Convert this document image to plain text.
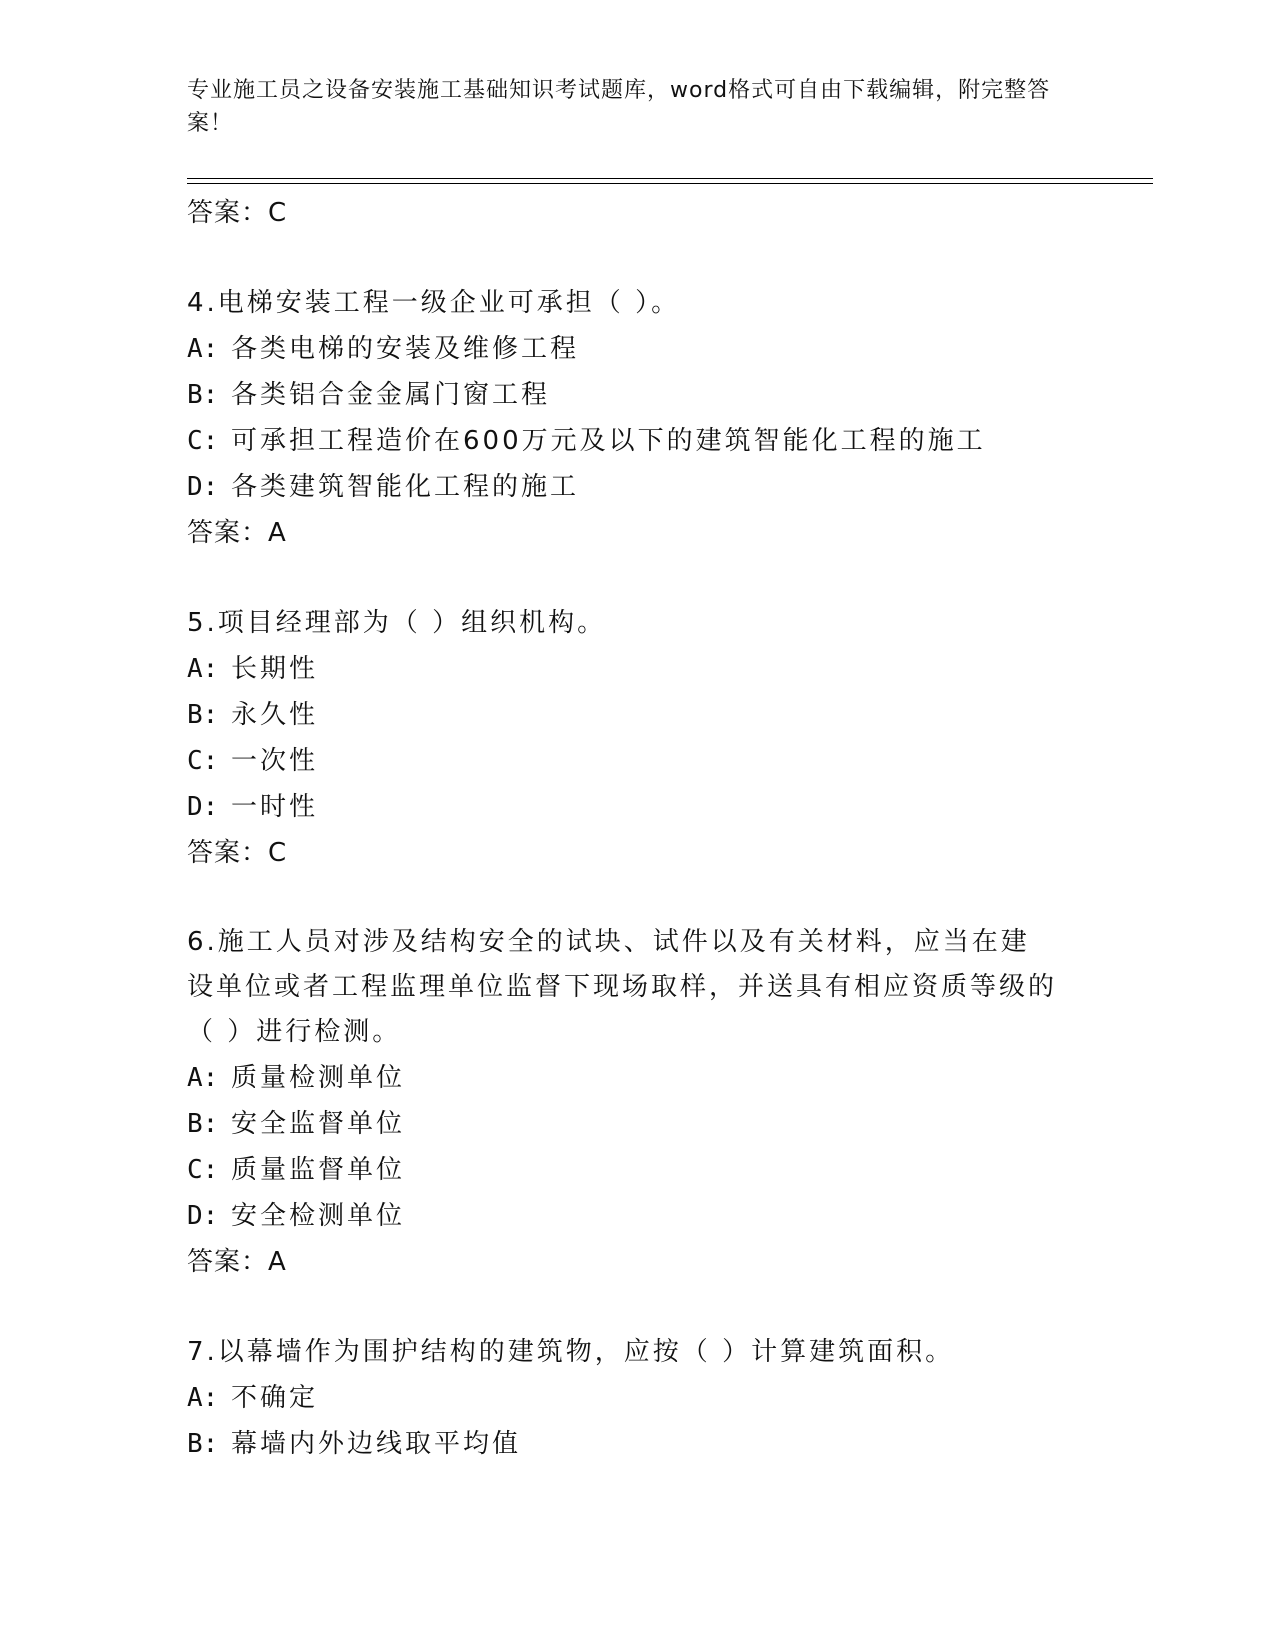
专业施工员之设备安装施工基础知识考试题库，word格式可自由下载编辑，附完整答案！
答案：C
4.电梯安装工程一级企业可承担（ ）。
A: 各类电梯的安装及维修工程
B: 各类铝合金金属门窗工程
C: 可承担工程造价在600万元及以下的建筑智能化工程的施工
D: 各类建筑智能化工程的施工
答案：A
5.项目经理部为（ ）组织机构。
A: 长期性
B: 永久性
C: 一次性
D: 一时性
答案：C
6.施工人员对涉及结构安全的试块、试件以及有关材料，应当在建设单位或者工程监理单位监督下现场取样，并送具有相应资质等级的（ ）进行检测。
A: 质量检测单位
B: 安全监督单位
C: 质量监督单位
D: 安全检测单位
答案：A
7.以幕墙作为围护结构的建筑物，应按（ ）计算建筑面积。
A: 不确定
B: 幕墙内外边线取平均值
